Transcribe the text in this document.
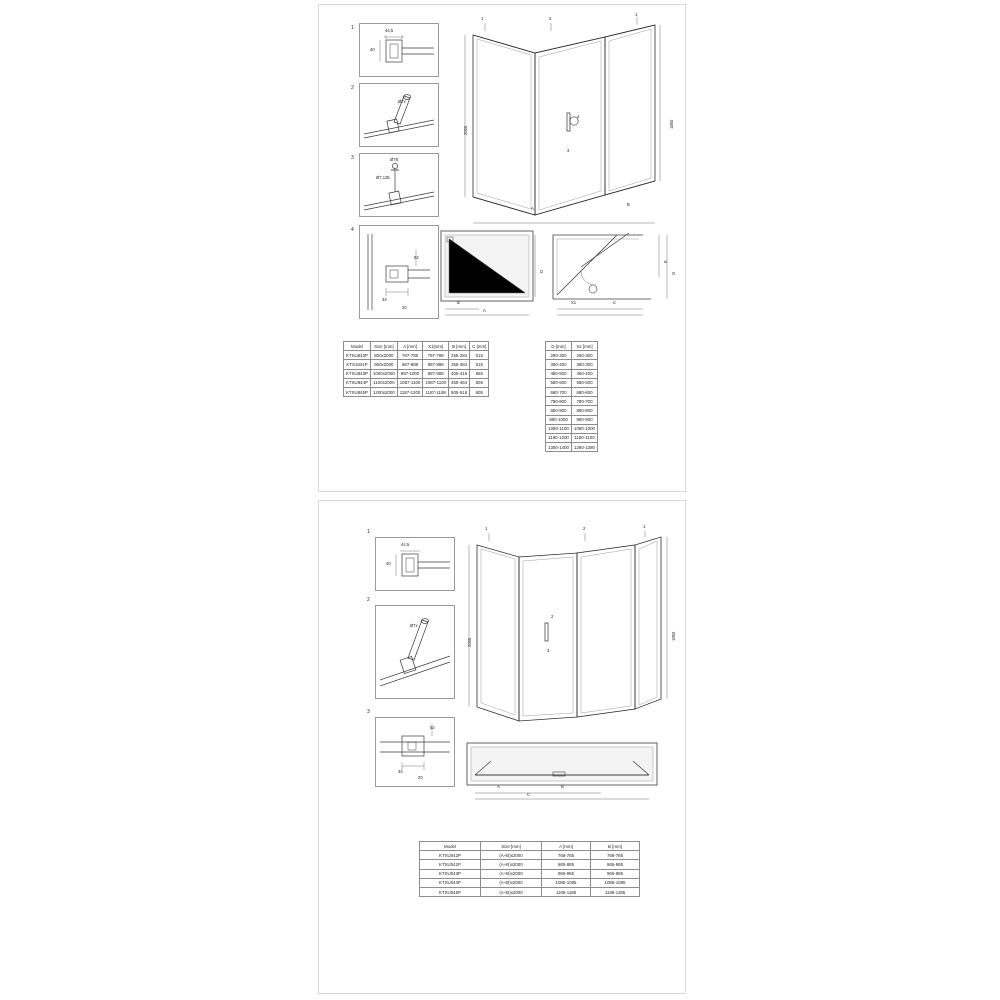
1	44,5
40
2
Ø7x
3	Ø78
Ø7,135
4
52
34
20
2000
1850
1	2
1
4
3
A
B
B
A
D
X1	C
E
G
Model	Size [mm]	A [mm]	X1[mm]	B [mm]	C [mm]
KTSU842P	800x2000	787-788	787-788	255-284	515
KTS1841P	900x2000	887-888	887-888	355-384	515
KTSU843P	1000x2000	987-1000	987-988	405-416	565
KTSU844P	1100x2000	1087-1100	1087-1100	455-464	605
KTSU845P	1200x2000	1187-1200	1187-1188	505-518	605
D [mm]	X2 [mm]
280-300	260-300
380-400	360-300
480-500	460-400
580-600	580-500
680-700	680-600
780-800	780-700
880-900	880-800
980-1000	980-900
1080-1100	1080-1000
1180-1200	1180-1100
1300-1400	1280-1380
1
44,5
40
2
Ø7x
3
52
34
20
2000
1850
1	2	1
2
3
A	B
C
Model	Size [mm]	A [mm]	B [mm]
KTSU042P	(A+B)x2000	768-785	768-785
KTSU041P	(A+B)x2000	865-885	865-885
KTSU043P	(A+B)x2000	965-985	965-985
KTSU044P	(A+B)x2000	1085-1085	1085-1085
KTSU045P	(A+B)x2000	1185-1185	1185-1185
